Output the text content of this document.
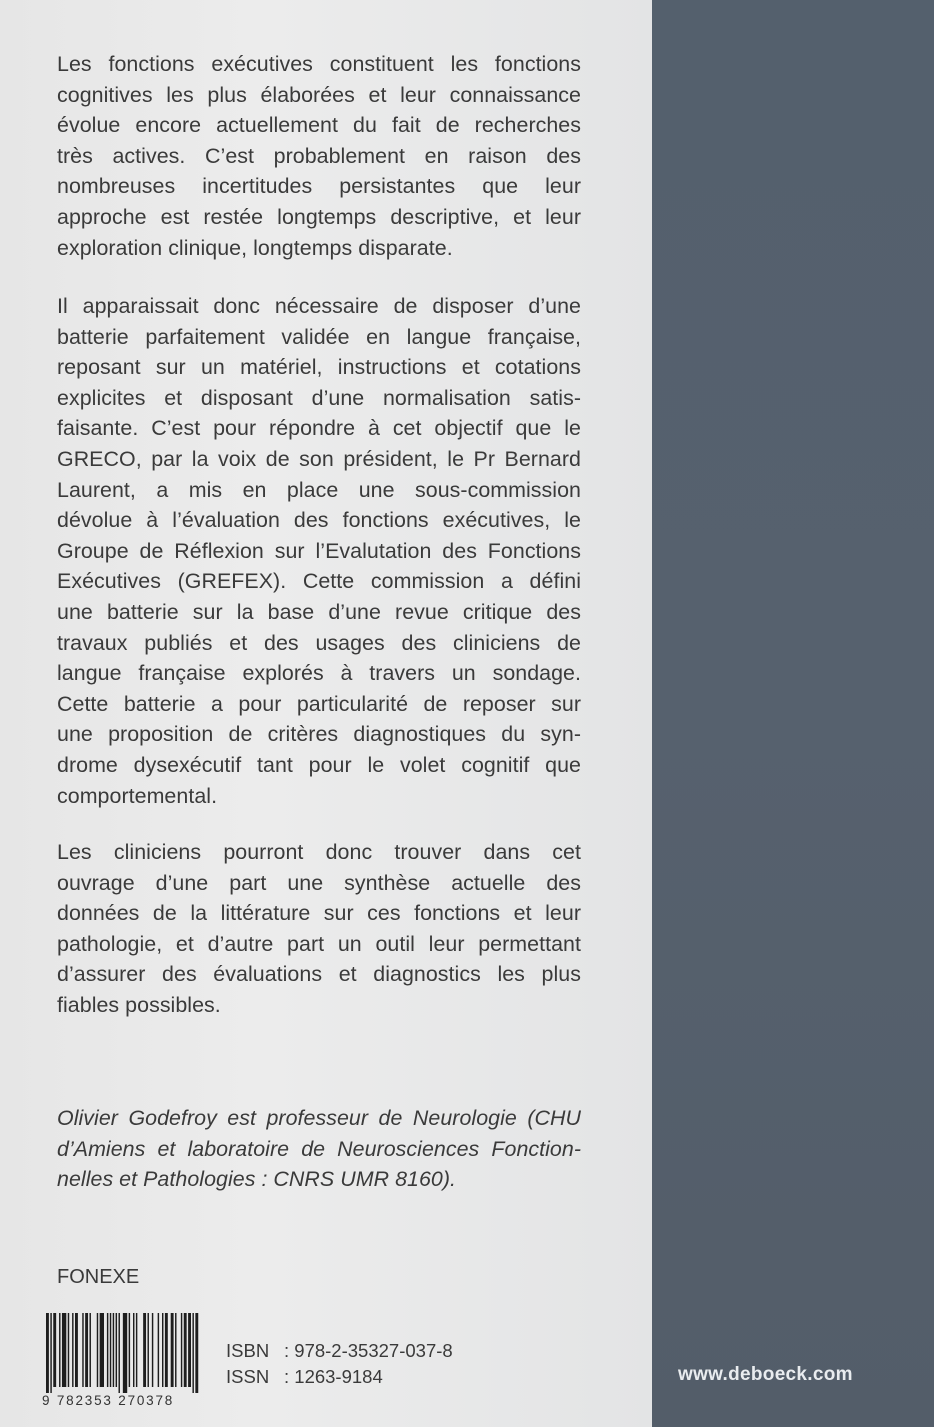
Les fonctions exécutives constituent les fonctions
cognitives les plus élaborées et leur connaissance
évolue encore actuellement du fait de recherches
très actives. C’est probablement en raison des
nombreuses incertitudes persistantes que leur
approche est restée longtemps descriptive, et leur
exploration clinique, longtemps disparate.

Il apparaissait donc nécessaire de disposer d’une
batterie parfaitement validée en langue française,
reposant sur un matériel, instructions et cotations
explicites et disposant d’une normalisation satis-
faisante. C’est pour répondre à cet objectif que le
GRECO, par la voix de son président, le Pr Bernard
Laurent, a mis en place une sous-commission
dévolue à l’évaluation des fonctions exécutives, le
Groupe de Réflexion sur l’Evalutation des Fonctions
Exécutives (GREFEX). Cette commission a défini
une batterie sur la base d’une revue critique des
travaux publiés et des usages des cliniciens de
langue française explorés à travers un sondage.
Cette batterie a pour particularité de reposer sur
une proposition de critères diagnostiques du syn-
drome dysexécutif tant pour le volet cognitif que
comportemental.

Les cliniciens pourront donc trouver dans cet
ouvrage d’une part une synthèse actuelle des
données de la littérature sur ces fonctions et leur
pathologie, et d’autre part un outil leur permettant
d’assurer des évaluations et diagnostics les plus
fiables possibles.

Olivier Godefroy est professeur de Neurologie (CHU
d’Amiens et laboratoire de Neurosciences Fonction-
nelles et Pathologies : CNRS UMR 8160).

FONEXE
9 782353 270378
ISBN : 978-2-35327-037-8
ISSN : 1263-9184	www.deboeck.com
